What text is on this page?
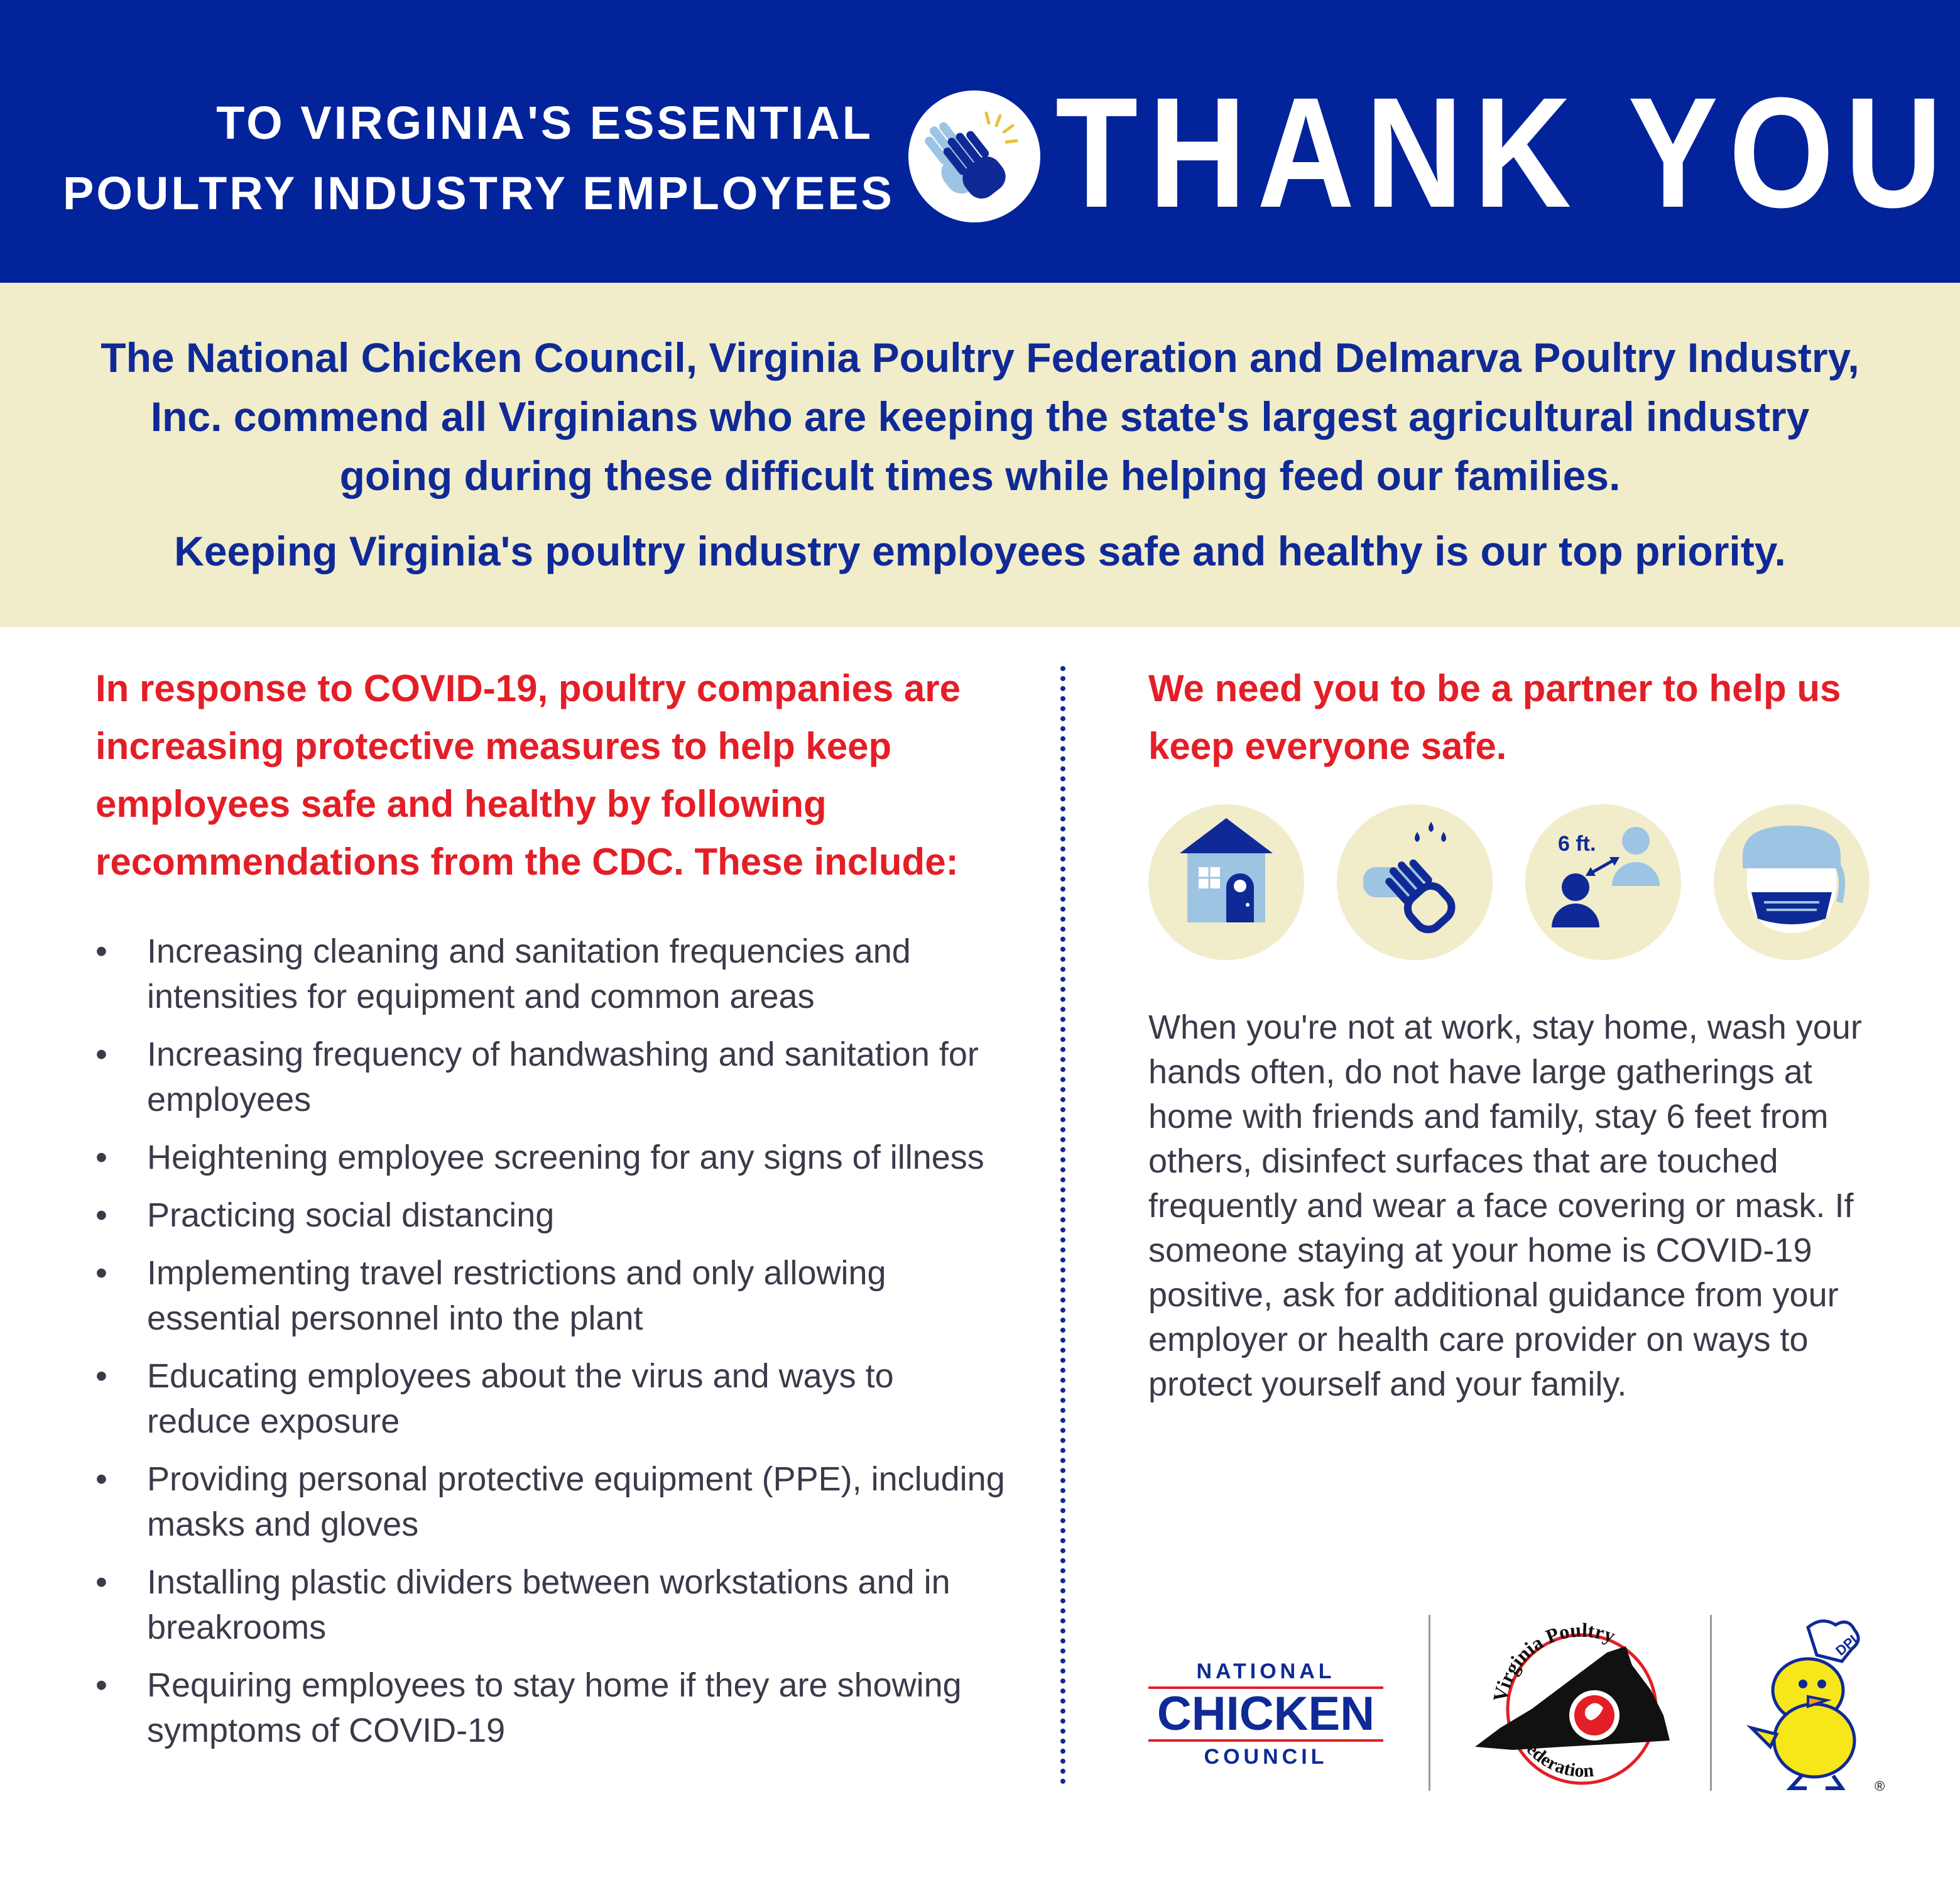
TO VIRGINIA'S ESSENTIAL
POULTRY INDUSTRY EMPLOYEES THANK YOU
The National Chicken Council, Virginia Poultry Federation and Delmarva Poultry Industry, Inc. commend all Virginians who are keeping the state's largest agricultural industry going during these difficult times while helping feed our families.
Keeping Virginia's poultry industry employees safe and healthy is our top priority.

In response to COVID-19, poultry companies are increasing protective measures to help keep employees safe and healthy by following recommendations from the CDC. These include:

• Increasing cleaning and sanitation frequencies and intensities for equipment and common areas
• Increasing frequency of handwashing and sanitation for employees
• Heightening employee screening for any signs of illness
• Practicing social distancing
• Implementing travel restrictions and only allowing essential personnel into the plant
• Educating employees about the virus and ways to reduce exposure
• Providing personal protective equipment (PPE), including masks and gloves
• Installing plastic dividers between workstations and in breakrooms
• Requiring employees to stay home if they are showing symptoms of COVID-19

We need you to be a partner to help us keep everyone safe.

6 ft.
When you're not at work, stay home, wash your hands often, do not have large gatherings at home with friends and family, stay 6 feet from others, disinfect surfaces that are touched frequently and wear a face covering or mask. If someone staying at your home is COVID-19 positive, ask for additional guidance from your employer or health care provider on ways to protect yourself and your family.
NATIONAL
CHICKEN
COUNCIL
Virginia Poultry
Federation
DPI
®
